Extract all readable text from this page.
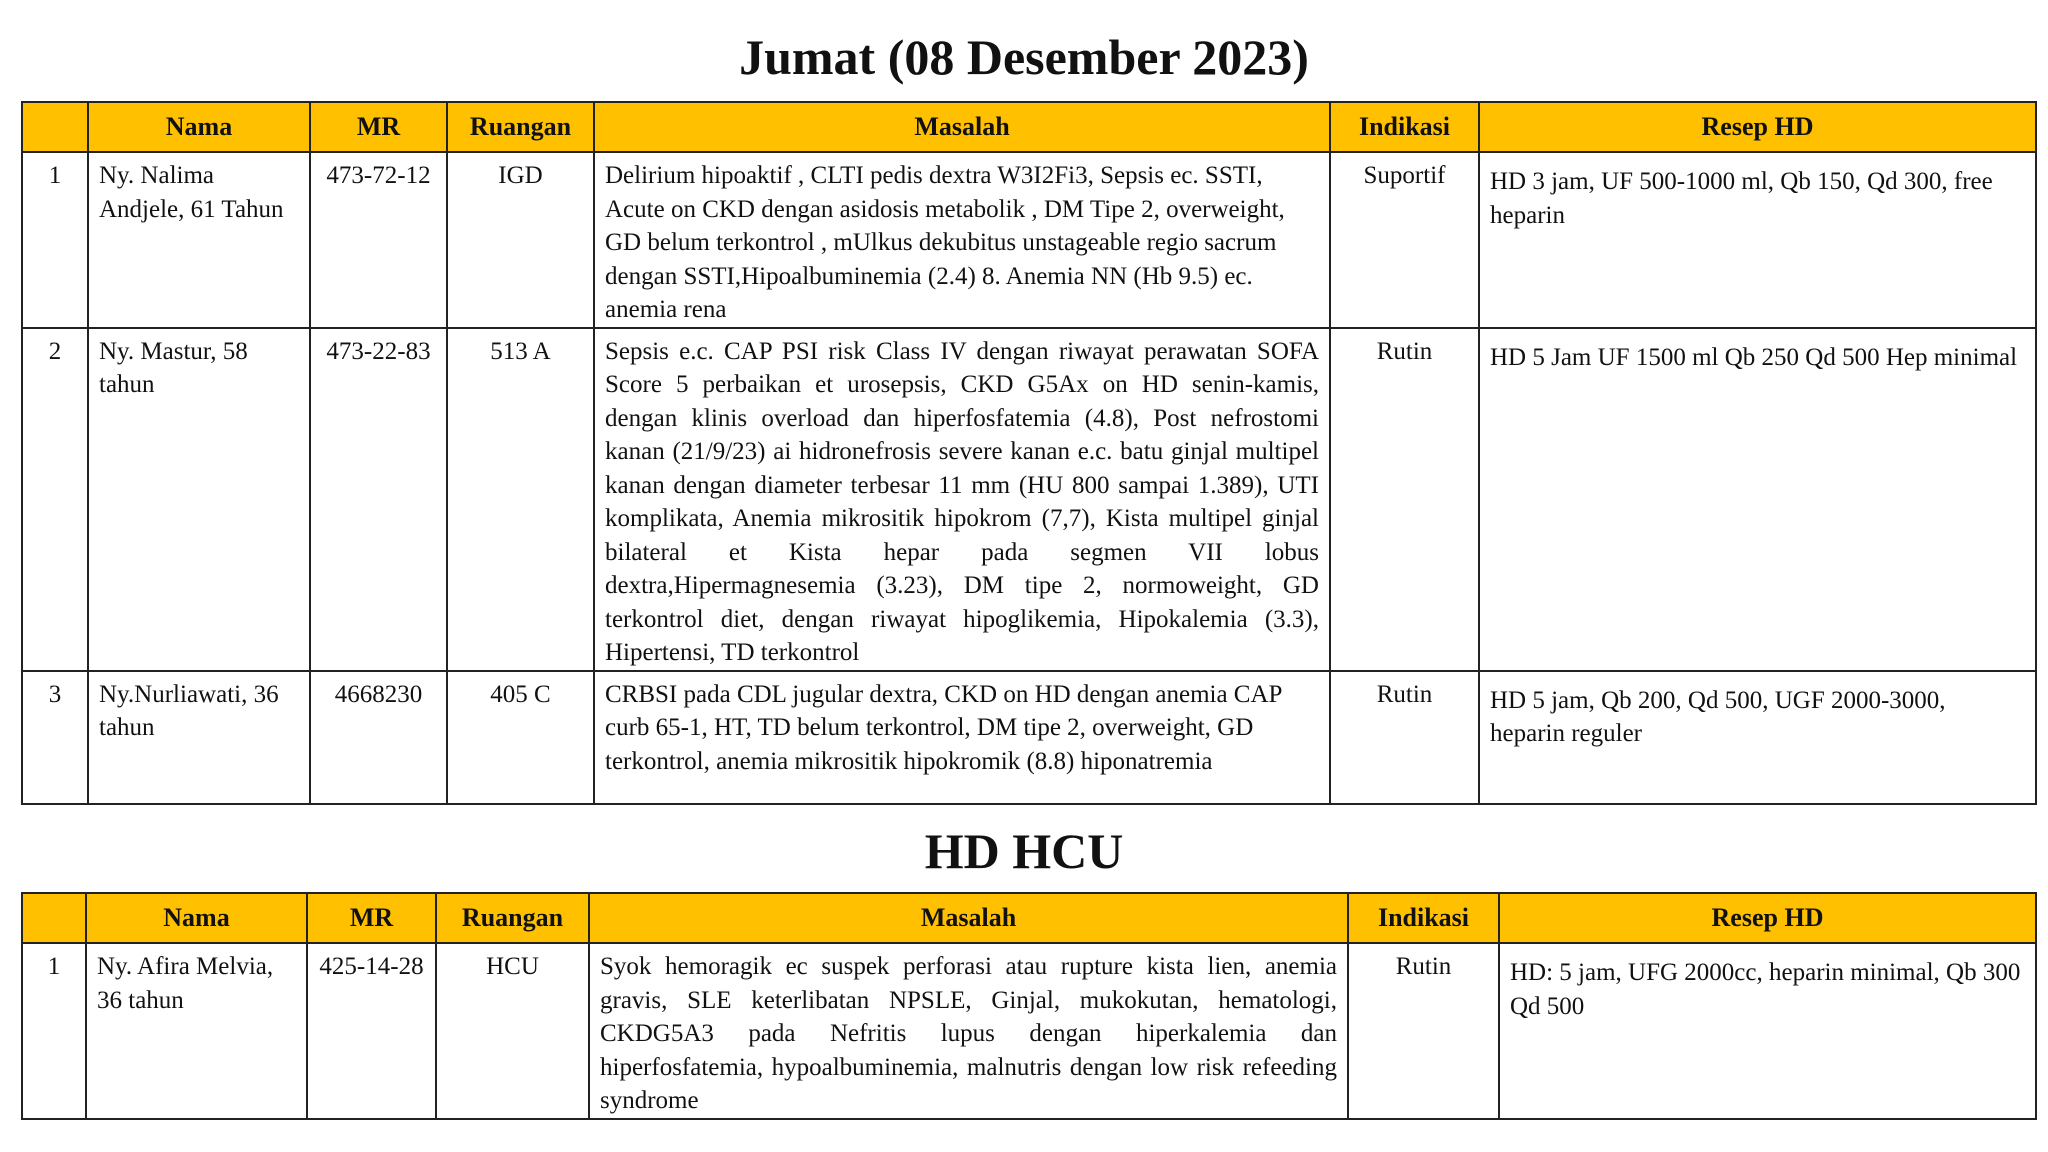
Jumat (08 Desember 2023)
	Nama	MR	Ruangan	Masalah	Indikasi	Resep HD
1	Ny. Nalima Andjele, 61 Tahun	473-72-12	IGD	Delirium hipoaktif , CLTI pedis dextra W3I2Fi3, Sepsis ec. SSTI, Acute on CKD dengan asidosis metabolik , DM Tipe 2, overweight, GD belum terkontrol , mUlkus dekubitus unstageable regio sacrum dengan SSTI,Hipoalbuminemia (2.4) 8. Anemia NN (Hb 9.5) ec. anemia rena	Suportif	HD 3 jam, UF 500-1000 ml, Qb 150, Qd 300, free heparin
2	Ny. Mastur, 58 tahun	473-22-83	513 A	Sepsis e.c. CAP PSI risk Class IV dengan riwayat perawatan SOFA Score 5 perbaikan et urosepsis, CKD G5Ax on HD senin-kamis, dengan klinis overload dan hiperfosfatemia (4.8), Post nefrostomi kanan (21/9/23) ai hidronefrosis severe kanan e.c. batu ginjal multipel kanan dengan diameter terbesar 11 mm (HU 800 sampai 1.389), UTI komplikata, Anemia mikrositik hipokrom (7,7), Kista multipel ginjal bilateral et Kista hepar pada segmen VII lobus dextra,Hipermagnesemia (3.23), DM tipe 2, normoweight, GD terkontrol diet, dengan riwayat hipoglikemia, Hipokalemia (3.3), Hipertensi, TD terkontrol	Rutin	HD 5 Jam UF 1500 ml Qb 250 Qd 500 Hep minimal
3	Ny.Nurliawati, 36 tahun	4668230	405 C	CRBSI pada CDL jugular dextra, CKD on HD dengan anemia CAP curb 65-1, HT, TD belum terkontrol, DM tipe 2, overweight, GD terkontrol, anemia mikrositik hipokromik (8.8) hiponatremia	Rutin	HD 5 jam, Qb 200, Qd 500, UGF 2000-3000, heparin reguler
HD HCU
	Nama	MR	Ruangan	Masalah	Indikasi	Resep HD
1	Ny. Afira Melvia, 36 tahun	425-14-28	HCU	Syok hemoragik ec suspek perforasi atau rupture kista lien, anemia gravis, SLE keterlibatan NPSLE, Ginjal, mukokutan, hematologi, CKDG5A3 pada Nefritis lupus dengan hiperkalemia dan hiperfosfatemia, hypoalbuminemia, malnutris dengan low risk refeeding syndrome	Rutin	HD: 5 jam, UFG 2000cc, heparin minimal, Qb 300 Qd 500
